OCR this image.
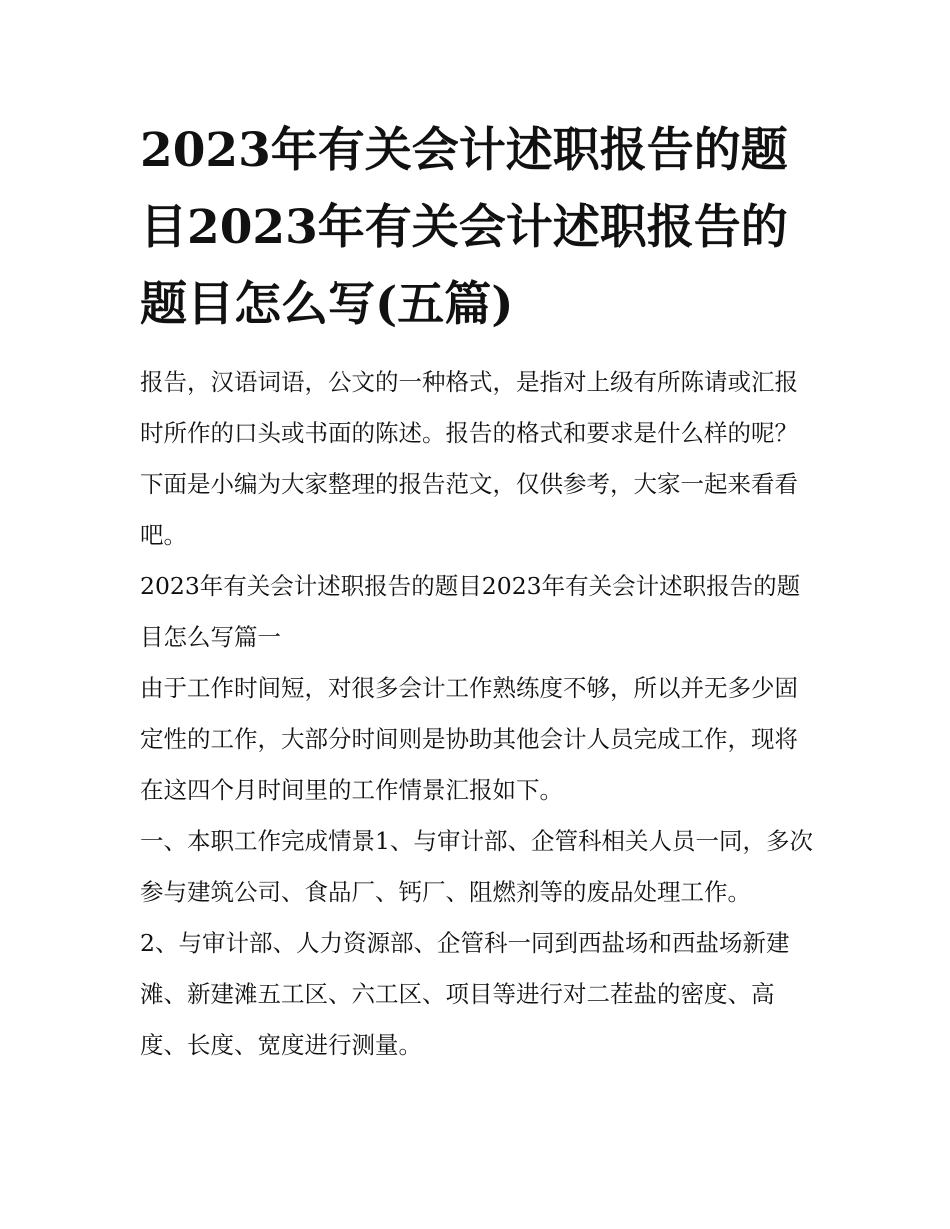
2023年有关会计述职报告的题目2023年有关会计述职报告的题目怎么写(五篇)

报告，汉语词语，公文的一种格式，是指对上级有所陈请或汇报时所作的口头或书面的陈述。报告的格式和要求是什么样的呢？下面是小编为大家整理的报告范文，仅供参考，大家一起来看看吧。

2023年有关会计述职报告的题目2023年有关会计述职报告的题目怎么写篇一

由于工作时间短，对很多会计工作熟练度不够，所以并无多少固定性的工作，大部分时间则是协助其他会计人员完成工作，现将在这四个月时间里的工作情景汇报如下。

一、本职工作完成情景1、与审计部、企管科相关人员一同，多次参与建筑公司、食品厂、钙厂、阻燃剂等的废品处理工作。

2、与审计部、人力资源部、企管科一同到西盐场和西盐场新建滩、新建滩五工区、六工区、项目等进行对二茬盐的密度、高度、长度、宽度进行测量。
